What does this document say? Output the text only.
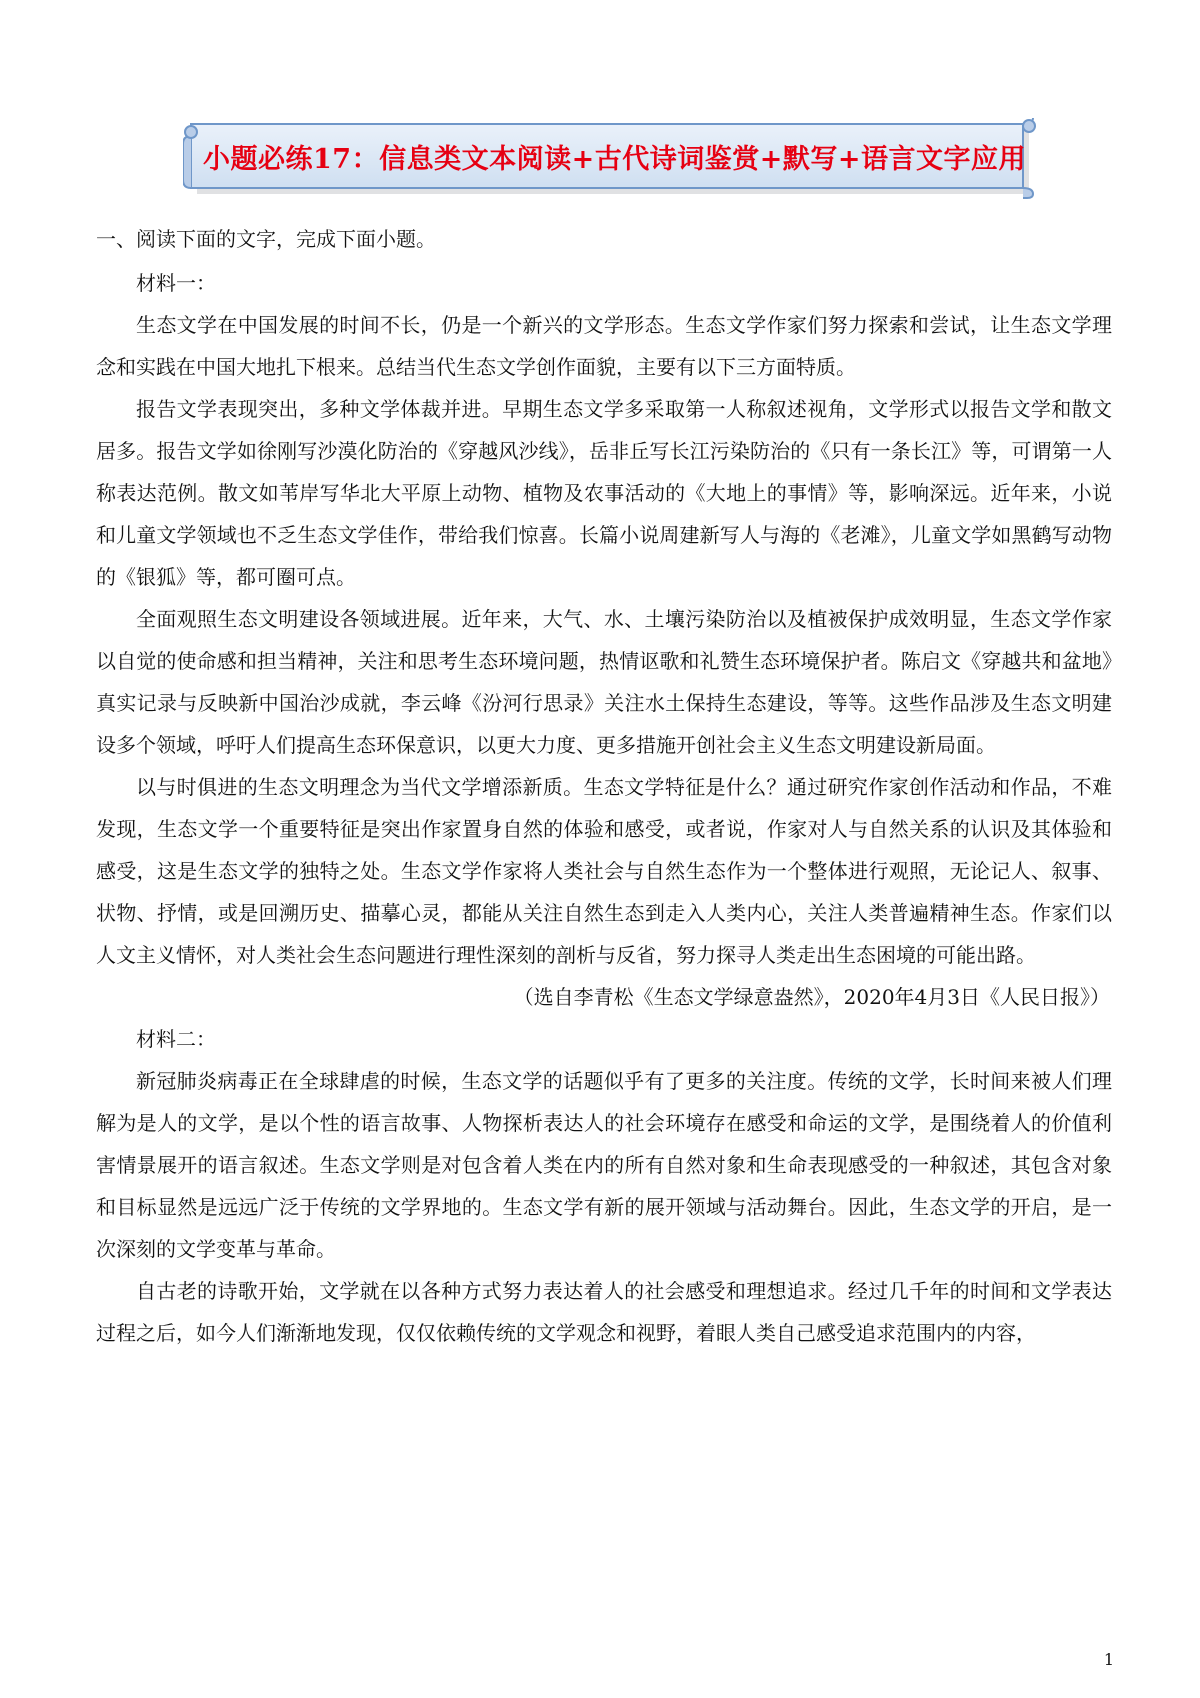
小题必练17：信息类文本阅读+古代诗词鉴赏+默写+语言文字应用

一、阅读下面的文字，完成下面小题。

材料一：

生态文学在中国发展的时间不长，仍是一个新兴的文学形态。生态文学作家们努力探索和尝试，让生态文学理念和实践在中国大地扎下根来。总结当代生态文学创作面貌，主要有以下三方面特质。

报告文学表现突出，多种文学体裁并进。早期生态文学多采取第一人称叙述视角，文学形式以报告文学和散文居多。报告文学如徐刚写沙漠化防治的《穿越风沙线》，岳非丘写长江污染防治的《只有一条长江》等，可谓第一人称表达范例。散文如苇岸写华北大平原上动物、植物及农事活动的《大地上的事情》等，影响深远。近年来，小说和儿童文学领域也不乏生态文学佳作，带给我们惊喜。长篇小说周建新写人与海的《老滩》，儿童文学如黑鹤写动物的《银狐》等，都可圈可点。

全面观照生态文明建设各领域进展。近年来，大气、水、土壤污染防治以及植被保护成效明显，生态文学作家以自觉的使命感和担当精神，关注和思考生态环境问题，热情讴歌和礼赞生态环境保护者。陈启文《穿越共和盆地》真实记录与反映新中国治沙成就，李云峰《汾河行思录》关注水土保持生态建设，等等。这些作品涉及生态文明建设多个领域，呼吁人们提高生态环保意识，以更大力度、更多措施开创社会主义生态文明建设新局面。

以与时俱进的生态文明理念为当代文学增添新质。生态文学特征是什么？通过研究作家创作活动和作品，不难发现，生态文学一个重要特征是突出作家置身自然的体验和感受，或者说，作家对人与自然关系的认识及其体验和感受，这是生态文学的独特之处。生态文学作家将人类社会与自然生态作为一个整体进行观照，无论记人、叙事、状物、抒情，或是回溯历史、描摹心灵，都能从关注自然生态到走入人类内心，关注人类普遍精神生态。作家们以人文主义情怀，对人类社会生态问题进行理性深刻的剖析与反省，努力探寻人类走出生态困境的可能出路。

（选自李青松《生态文学绿意盎然》，2020年4月3日《人民日报》）

材料二：

新冠肺炎病毒正在全球肆虐的时候，生态文学的话题似乎有了更多的关注度。传统的文学，长时间来被人们理解为是人的文学，是以个性的语言故事、人物探析表达人的社会环境存在感受和命运的文学，是围绕着人的价值利害情景展开的语言叙述。生态文学则是对包含着人类在内的所有自然对象和生命表现感受的一种叙述，其包含对象和目标显然是远远广泛于传统的文学界地的。生态文学有新的展开领域与活动舞台。因此，生态文学的开启，是一次深刻的文学变革与革命。

自古老的诗歌开始，文学就在以各种方式努力表达着人的社会感受和理想追求。经过几千年的时间和文学表达过程之后，如今人们渐渐地发现，仅仅依赖传统的文学观念和视野，着眼人类自己感受追求范围内的内容，

1
